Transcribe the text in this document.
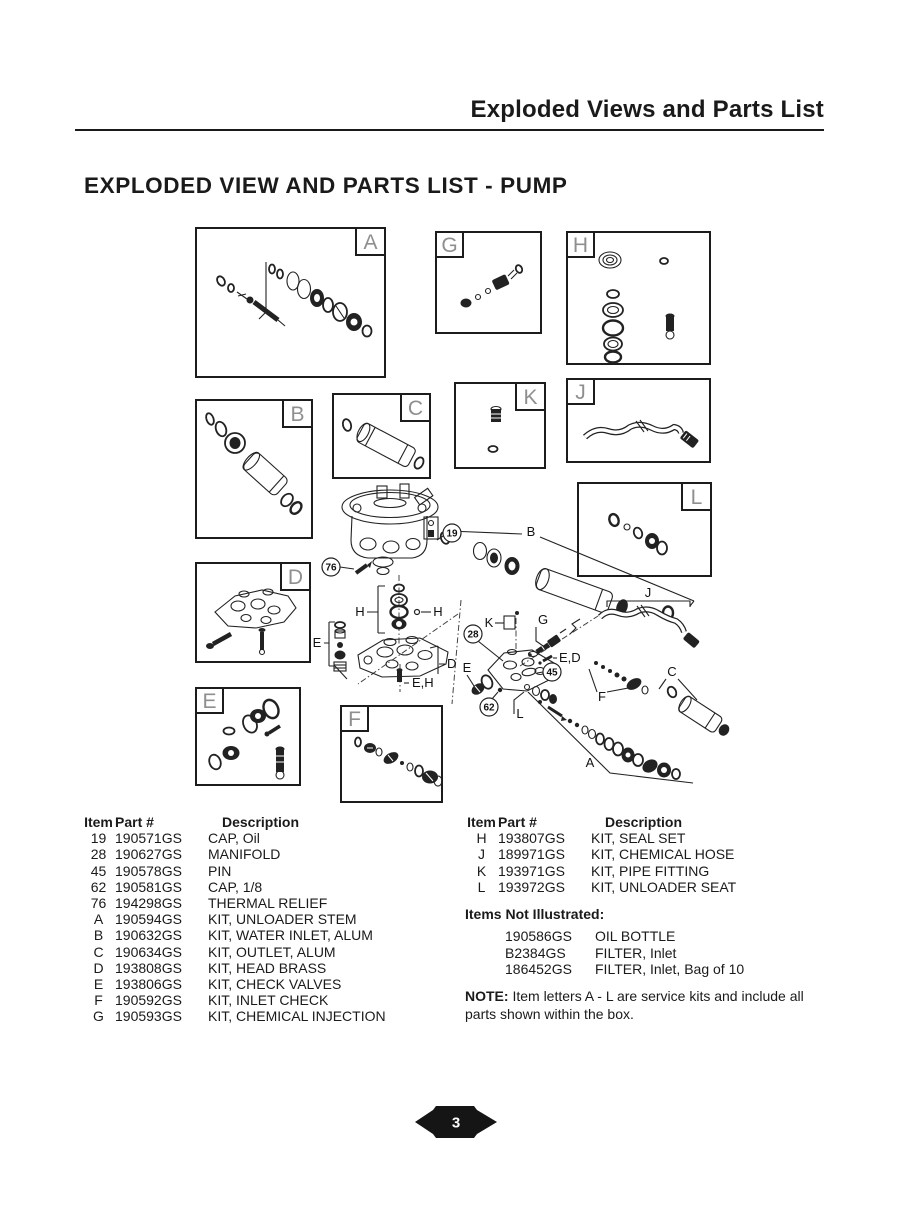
Exploded Views and Parts List
EXPLODED VIEW AND PARTS LIST - PUMP
A	G	H
B	C	K J
L
D
E
F
19
76
28
45
62
B
H	H
K	G
E,D
E
E
D
L
F
C
A
J
E,H
Item Part #	Description
19 190571GS	CAP, Oil
28 190627GS	MANIFOLD
45 190578GS	PIN
62 190581GS	CAP, 1/8
76 194298GS	THERMAL RELIEF
A 190594GS	KIT, UNLOADER STEM
B 190632GS	KIT, WATER INLET, ALUM
C 190634GS	KIT, OUTLET, ALUM
D 193808GS	KIT, HEAD BRASS
E 193806GS	KIT, CHECK VALVES
F 190592GS	KIT, INLET CHECK
G 190593GS	KIT, CHEMICAL INJECTION
Item Part #	Description
H 193807GS	KIT, SEAL SET
J 189971GS	KIT, CHEMICAL HOSE
K 193971GS	KIT, PIPE FITTING
L 193972GS	KIT, UNLOADER SEAT
Items Not Illustrated:
190586GS	OIL BOTTLE
B2384GS	FILTER, Inlet
186452GS	FILTER, Inlet, Bag of 10
NOTE: Item letters A - L are service kits and include all parts shown within the box.
3
